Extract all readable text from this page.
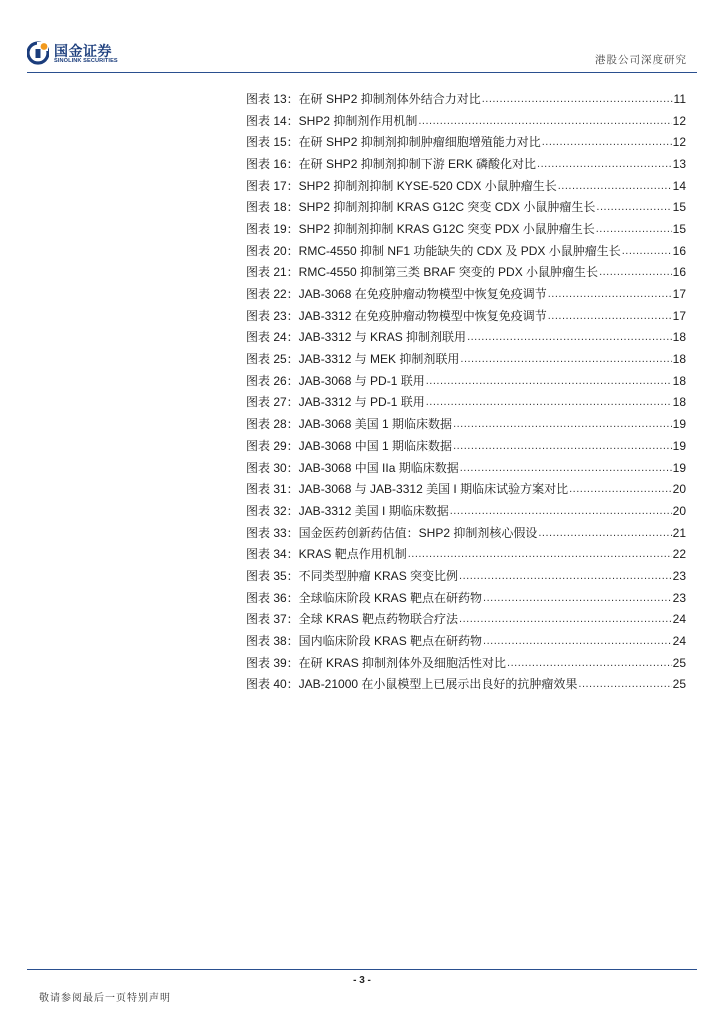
国金证券
SINOLINK SECURITIES	港股公司深度研究
图表 13：在研 SHP2 抑制剂体外结合力对比 .....	11
图表 14：SHP2 抑制剂作用机制 .....	12
图表 15：在研 SHP2 抑制剂抑制肿瘤细胞增殖能力对比 .....	12
图表 16：在研 SHP2 抑制剂抑制下游 ERK 磷酸化对比 .....	13
图表 17：SHP2 抑制剂抑制 KYSE-520 CDX 小鼠肿瘤生长 .....	14
图表 18：SHP2 抑制剂抑制 KRAS G12C 突变 CDX 小鼠肿瘤生长 .....	15
图表 19：SHP2 抑制剂抑制 KRAS G12C 突变 PDX 小鼠肿瘤生长 .....	15
图表 20：RMC-4550 抑制 NF1 功能缺失的 CDX 及 PDX 小鼠肿瘤生长 .....	16
图表 21：RMC-4550 抑制第三类 BRAF 突变的 PDX 小鼠肿瘤生长 .....	16
图表 22：JAB-3068 在免疫肿瘤动物模型中恢复免疫调节 .....	17
图表 23：JAB-3312 在免疫肿瘤动物模型中恢复免疫调节 .....	17
图表 24：JAB-3312 与 KRAS 抑制剂联用 .....	18
图表 25：JAB-3312 与 MEK 抑制剂联用 .....	18
图表 26：JAB-3068 与 PD-1 联用 .....	18
图表 27：JAB-3312 与 PD-1 联用 .....	18
图表 28：JAB-3068 美国 1 期临床数据 .....	19
图表 29：JAB-3068 中国 1 期临床数据 .....	19
图表 30：JAB-3068 中国 IIa 期临床数据 .....	19
图表 31：JAB-3068 与 JAB-3312 美国 I 期临床试验方案对比 .....	20
图表 32：JAB-3312 美国 I 期临床数据 .....	20
图表 33：国金医药创新药估值：SHP2 抑制剂核心假设 .....	21
图表 34：KRAS 靶点作用机制 .....	22
图表 35：不同类型肿瘤 KRAS 突变比例 .....	23
图表 36：全球临床阶段 KRAS 靶点在研药物 .....	23
图表 37：全球 KRAS 靶点药物联合疗法 .....	24
图表 38：国内临床阶段 KRAS 靶点在研药物 .....	24
图表 39：在研 KRAS 抑制剂体外及细胞活性对比 .....	25
图表 40：JAB-21000 在小鼠模型上已展示出良好的抗肿瘤效果 .....	25
- 3 -
敬请参阅最后一页特别声明
